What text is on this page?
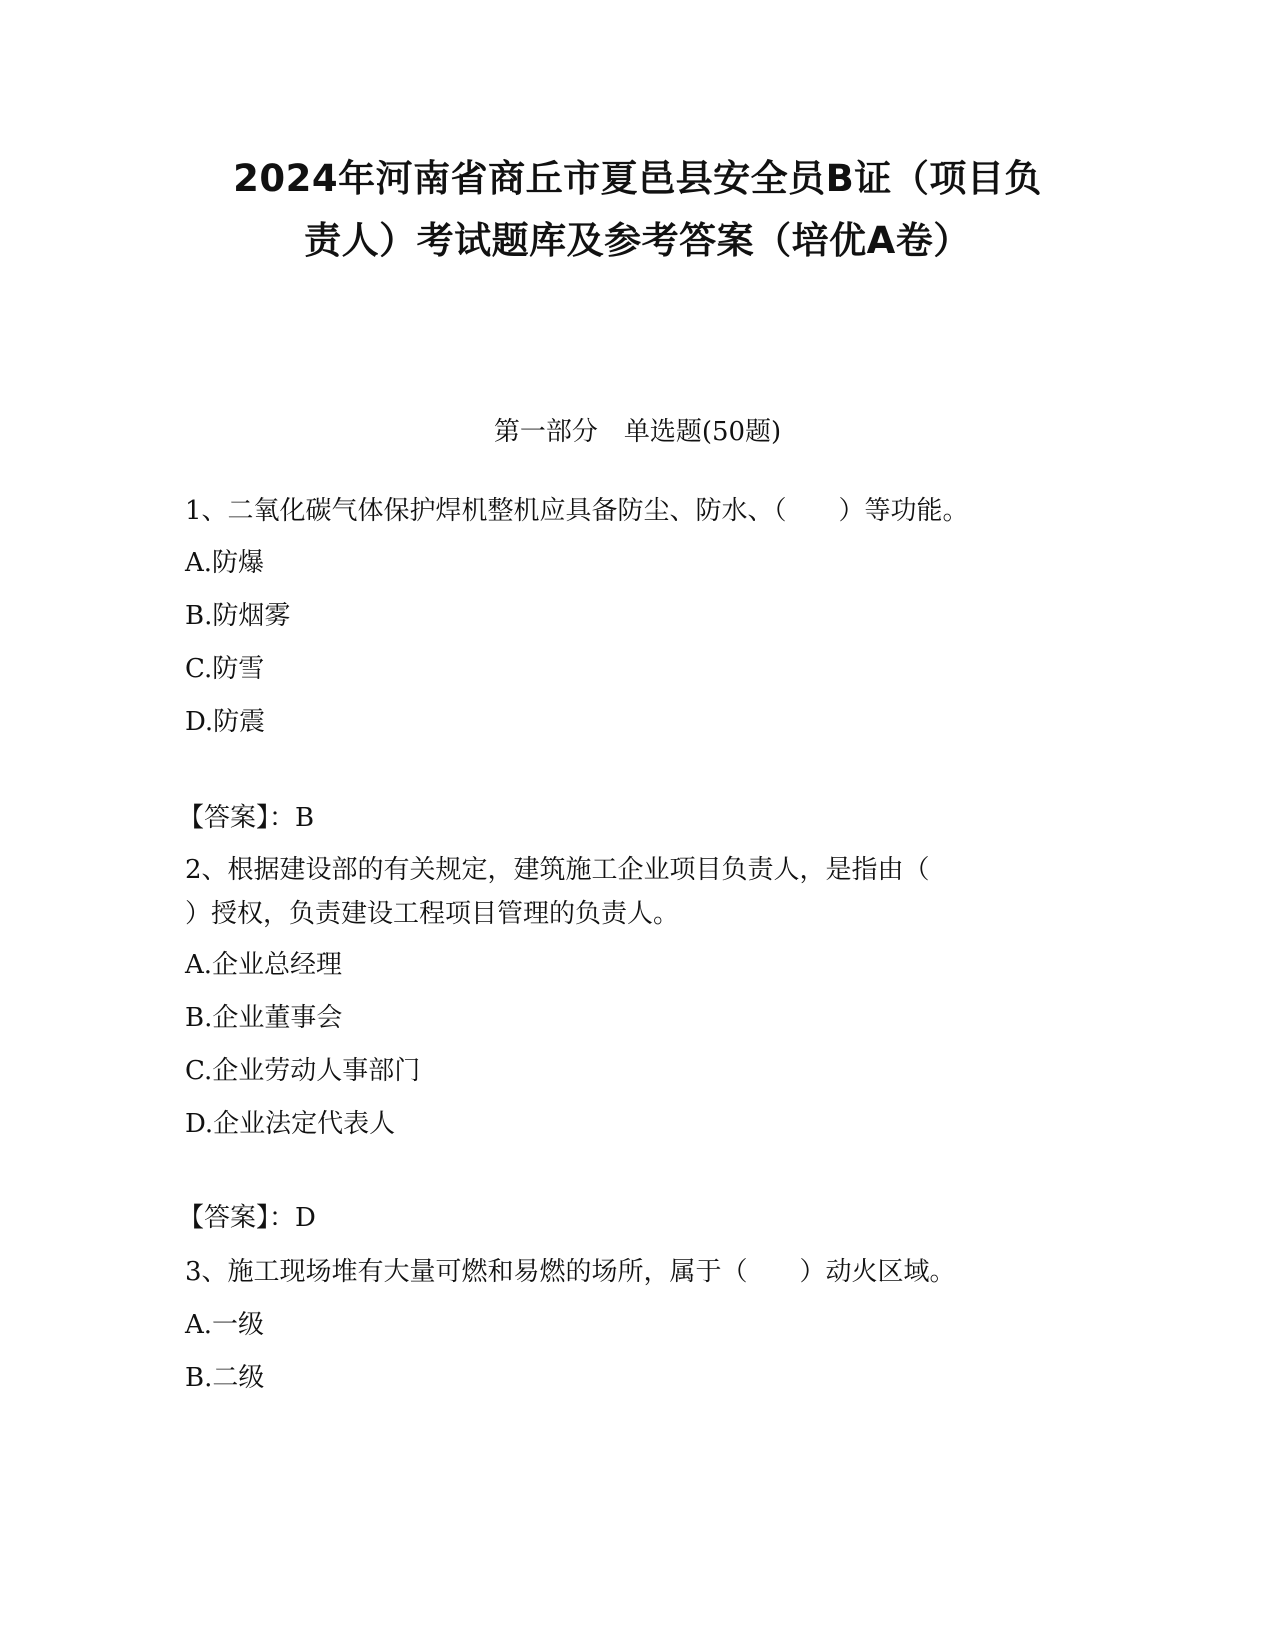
2024年河南省商丘市夏邑县安全员B证（项目负
责人）考试题库及参考答案（培优A卷）
第一部分　单选题(50题)
1、二氧化碳气体保护焊机整机应具备防尘、防水、（　　）等功能。
A.防爆
B.防烟雾
C.防雪
D.防震
【答案】：B
2、根据建设部的有关规定，建筑施工企业项目负责人，是指由（
）授权，负责建设工程项目管理的负责人。
A.企业总经理
B.企业董事会
C.企业劳动人事部门
D.企业法定代表人
【答案】：D
3、施工现场堆有大量可燃和易燃的场所，属于（　　）动火区域。
A.一级
B.二级
